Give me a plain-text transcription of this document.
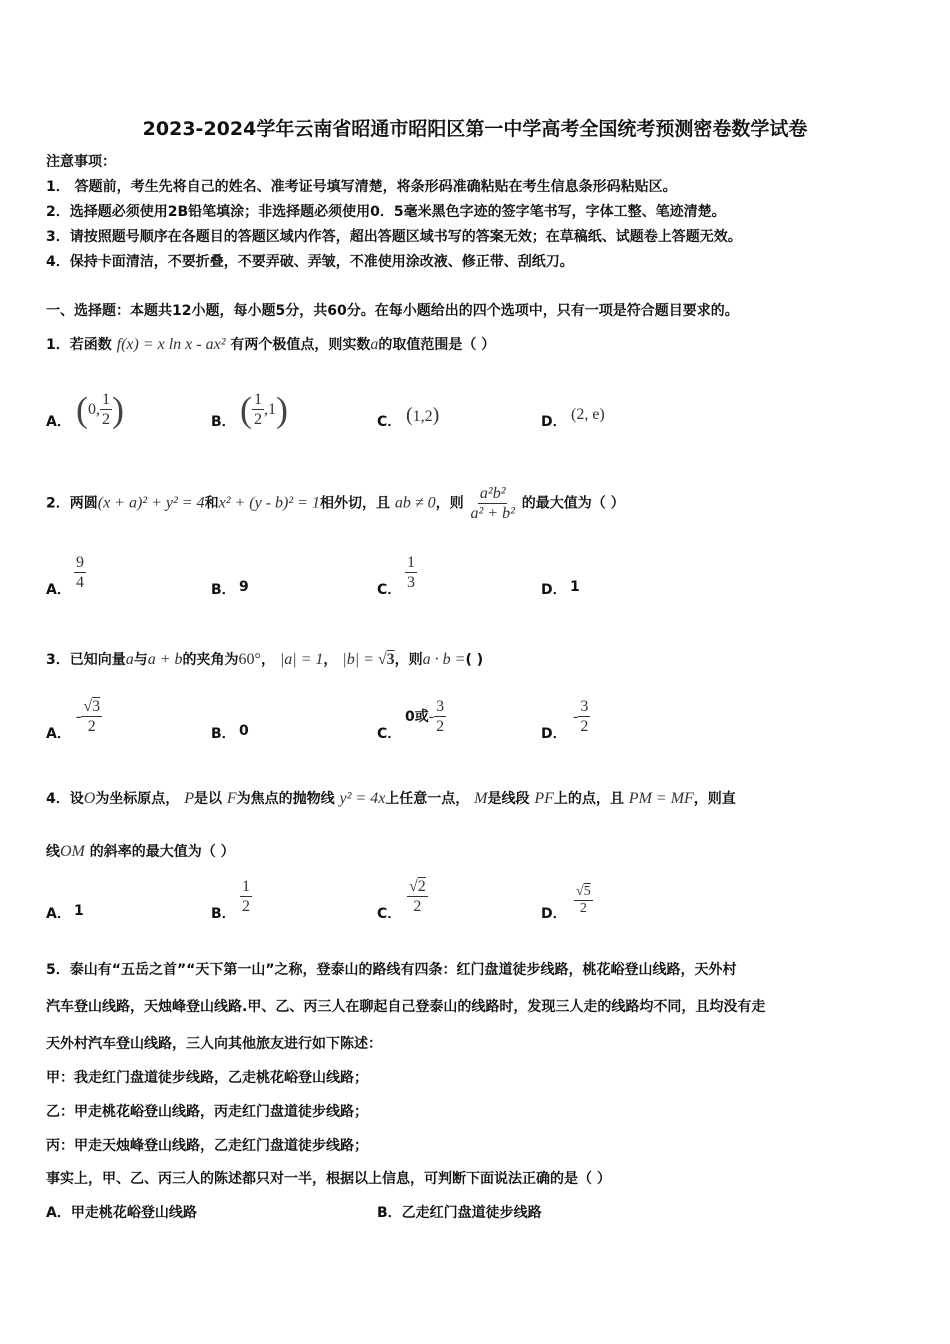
2023-2024学年云南省昭通市昭阳区第一中学高考全国统考预测密卷数学试卷
注意事项：
1． 答题前，考生先将自己的姓名、准考证号填写清楚，将条形码准确粘贴在考生信息条形码粘贴区。
2．选择题必须使用2B铅笔填涂；非选择题必须使用0．5毫米黑色字迹的签字笔书写，字体工整、笔迹清楚。
3．请按照题号顺序在各题目的答题区域内作答，超出答题区域书写的答案无效；在草稿纸、试题卷上答题无效。
4．保持卡面清洁，不要折叠，不要弄破、弄皱，不准使用涂改液、修正带、刮纸刀。
一、选择题：本题共12小题，每小题5分，共60分。在每小题给出的四个选项中，只有一项是符合题目要求的。
1．若函数 f(x) = x ln x - ax² 有两个极值点，则实数a的取值范围是（ ）
A． (0, $\frac{1}{2}$ )	B． ( $\frac{1}{2} ,1$)	C． (1,2)	D． (2, e)
2．两圆(x + a)² + y² = 4和x² + (y - b)² = 1相外切，且 ab ≠ 0，则 $\frac{\text{a²b²}}{\text{a² + b²}}$ 的最大值为（ ）
A． $\frac{9}{4}$	B． 9	C． $\frac{1}{3}$	D． 1
3．已知向量a与a + b的夹角为60°， |a| = 1， |b| = √3，则a · b =( )
A．
- $\frac{√3}{2}$	B． 0	C．
0或- $\frac{3}{2}$	D．
- $\frac{3}{2}$
4．设O为坐标原点， P是以 F为焦点的抛物线 y² = 4x上任意一点， M是线段 PF上的点，且 PM = MF，则直
线OM 的斜率的最大值为（ ）
A． 1	B． $\frac{1}{2}$	C． $\frac{√2}{2}$	D． $\frac{√5}{2}$
5．泰山有“五岳之首”“天下第一山”之称，登泰山的路线有四条：红门盘道徒步线路，桃花峪登山线路，天外村
汽车登山线路，天烛峰登山线路.甲、乙、丙三人在聊起自己登泰山的线路时，发现三人走的线路均不同，且均没有走
天外村汽车登山线路，三人向其他旅友进行如下陈述：
甲：我走红门盘道徒步线路，乙走桃花峪登山线路；
乙：甲走桃花峪登山线路，丙走红门盘道徒步线路；
丙：甲走天烛峰登山线路，乙走红门盘道徒步线路；
事实上，甲、乙、丙三人的陈述都只对一半，根据以上信息，可判断下面说法正确的是（ ）
A．甲走桃花峪登山线路	B．乙走红门盘道徒步线路
